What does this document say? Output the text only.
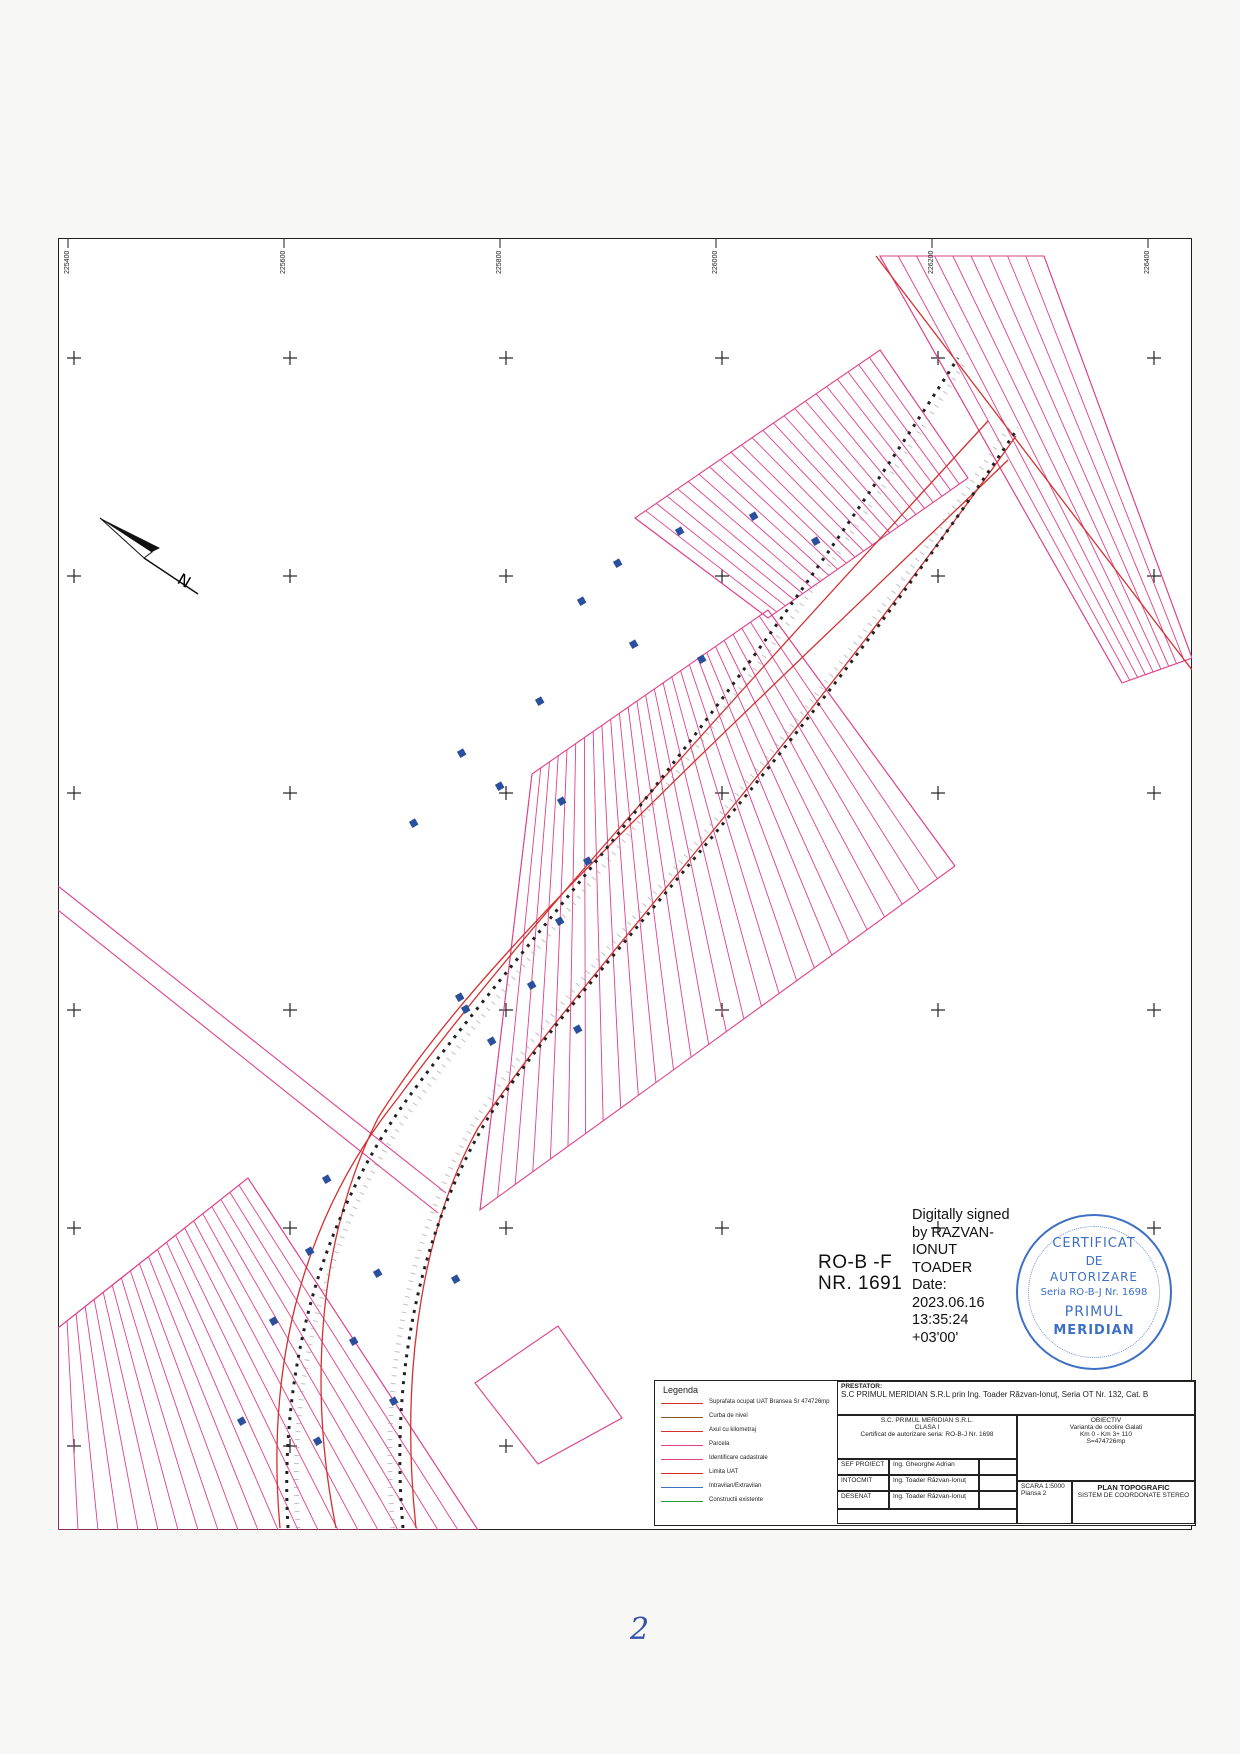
N
225400	225600	225800	226000	226200	226400
RO-B -F
NR. 1691
Digitally signed
by RAZVAN-
IONUT TOADER
Date:
2023.06.16
13:35:24
+03'00'
CERTIFICAT
DE
AUTORIZARE
Seria RO-B-J Nr. 1698
PRIMUL
MERIDIAN
Legenda
Suprafata ocupat UAT Bransea Sr 474726mp
Curba de nivel
Axul cu kilometraj
Parcela
Identificare cadastrale
Limita UAT
Intravilan/Extravilan
Constructii existente
PRESTATOR:
S.C PRIMUL MERIDIAN S.R.L prin Ing. Toader Răzvan-Ionuț, Seria OT Nr. 132, Cat. B
S.C. PRIMUL MERIDIAN S.R.L.
CLASA I
Certificat de autorizare seria: RO-B-J Nr. 1698
OBIECTIV
Varianta de ocolire Galati
Km 0 - Km 3+ 110
S=474726mp
SEF PROIECT	Ing. Gheorghe Adrian
INTOCMIT	Ing. Toader Răzvan-Ionuț
DESENAT	Ing. Toader Răzvan-Ionuț
SCARA 1:5000
Plansa 2
PLAN TOPOGRAFIC
SISTEM DE COORDONATE STEREO
2
